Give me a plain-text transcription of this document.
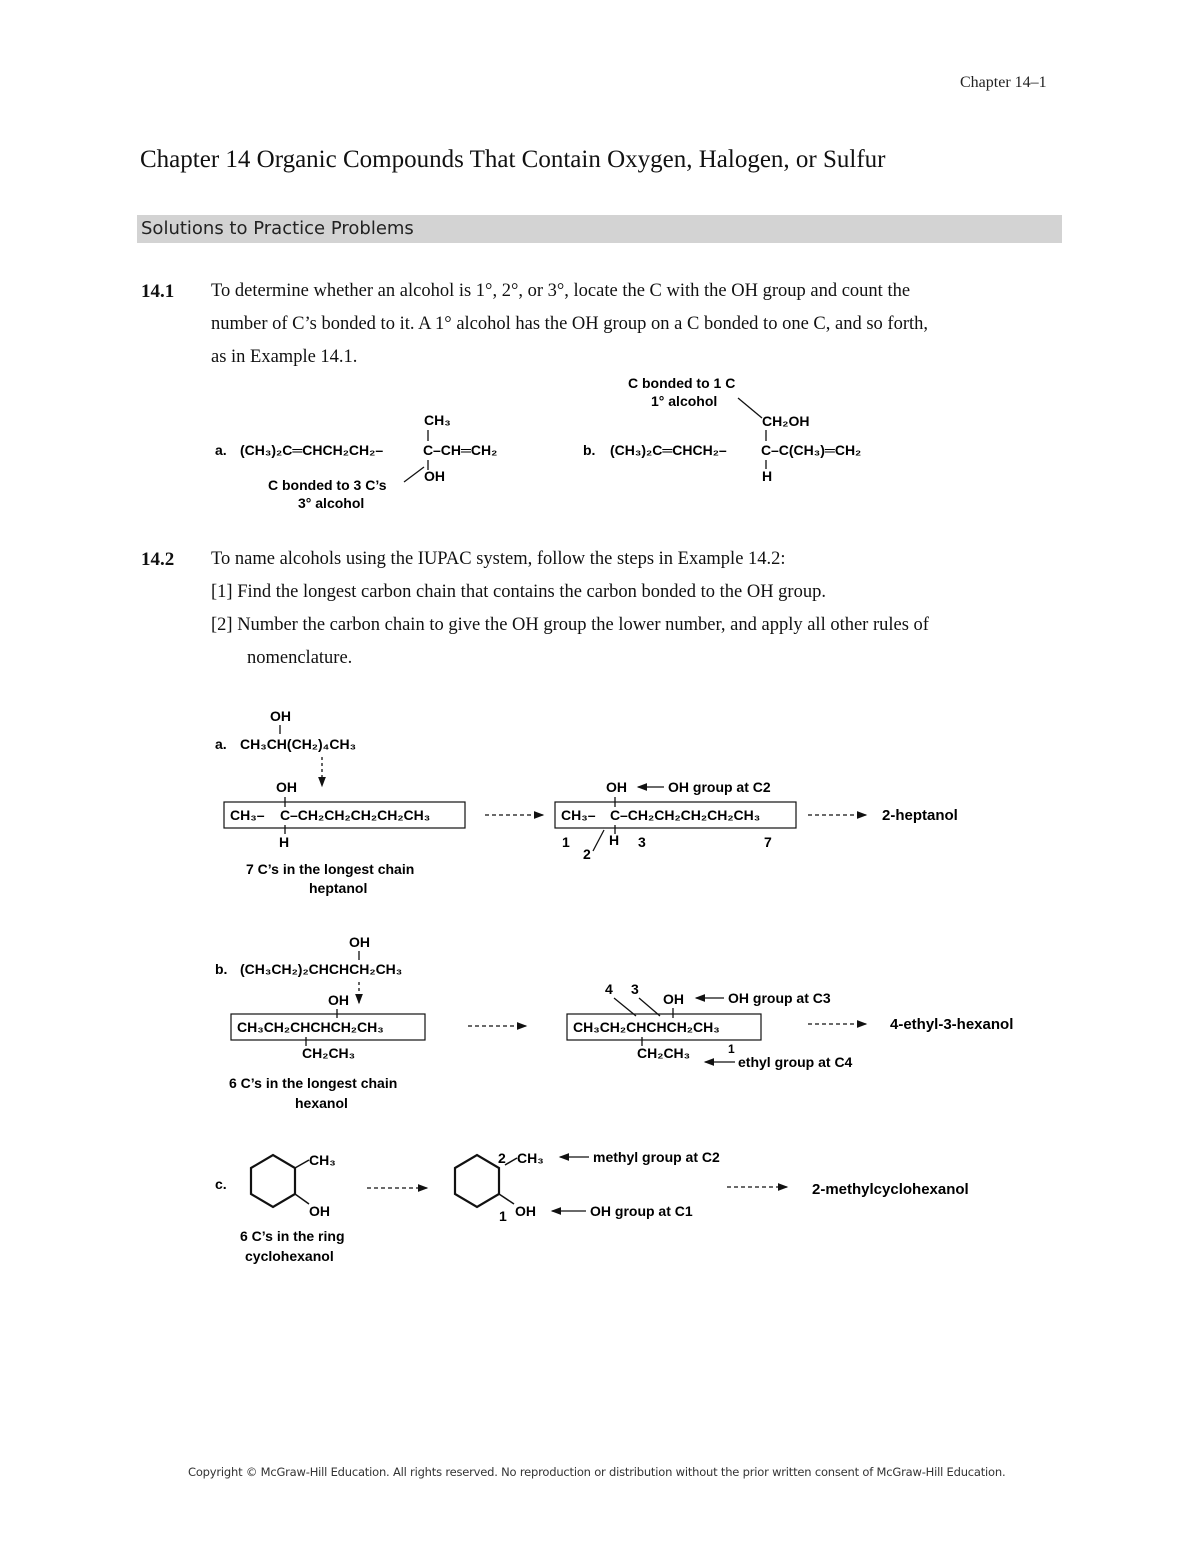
Chapter 14–1
Chapter 14 Organic Compounds That Contain Oxygen, Halogen, or Sulfur
Solutions to Practice Problems
14.1 To determine whether an alcohol is 1°, 2°, or 3°, locate the C with the OH group and count the
number of C’s bonded to it. A 1° alcohol has the OH group on a C bonded to one C, and so forth,
as in Example 14.1.
14.2 To name alcohols using the IUPAC system, follow the steps in Example 14.2:
[1] Find the longest carbon chain that contains the carbon bonded to the OH group.
[2] Number the carbon chain to give the OH group the lower number, and apply all other rules of
nomenclature.
a. (CH₃)₂C═CHCH₂CH₂–	C –CH═CH₂
CH₃
OH
C bonded to 3 C’s
3° alcohol
C bonded to 1 C
1° alcohol
CH₂OH
b. (CH₃)₂C═CHCH₂– C –C(CH₃)═CH₂
H
OH
a. CH₃CH(CH₂)₄CH₃
OH
CH₃– C –CH₂CH₂CH₂CH₂CH₃
H
7 C’s in the longest chain
heptanol
OH	OH group at C2
CH₃– C –CH₂CH₂CH₂CH₂CH₃
H
1
2
3	7
2-heptanol
OH
b. (CH₃CH₂)₂CHCHCH₂CH₃
OH
CH₃CH₂CHCHCH₂CH₃
CH₂CH₃
6 C’s in the longest chain
hexanol
4 3
OH	OH group at C3
CH₃CH₂CHCHCH₂CH₃
CH₂CH₃	1
ethyl group at C4
4-ethyl-3-hexanol
c.
CH₃
OH
6 C’s in the ring
cyclohexanol
2 CH₃	methyl group at C2
1 OH	OH group at C1
2-methylcyclohexanol
Copyright © McGraw-Hill Education. All rights reserved. No reproduction or distribution without the prior written consent of McGraw-Hill Education.
